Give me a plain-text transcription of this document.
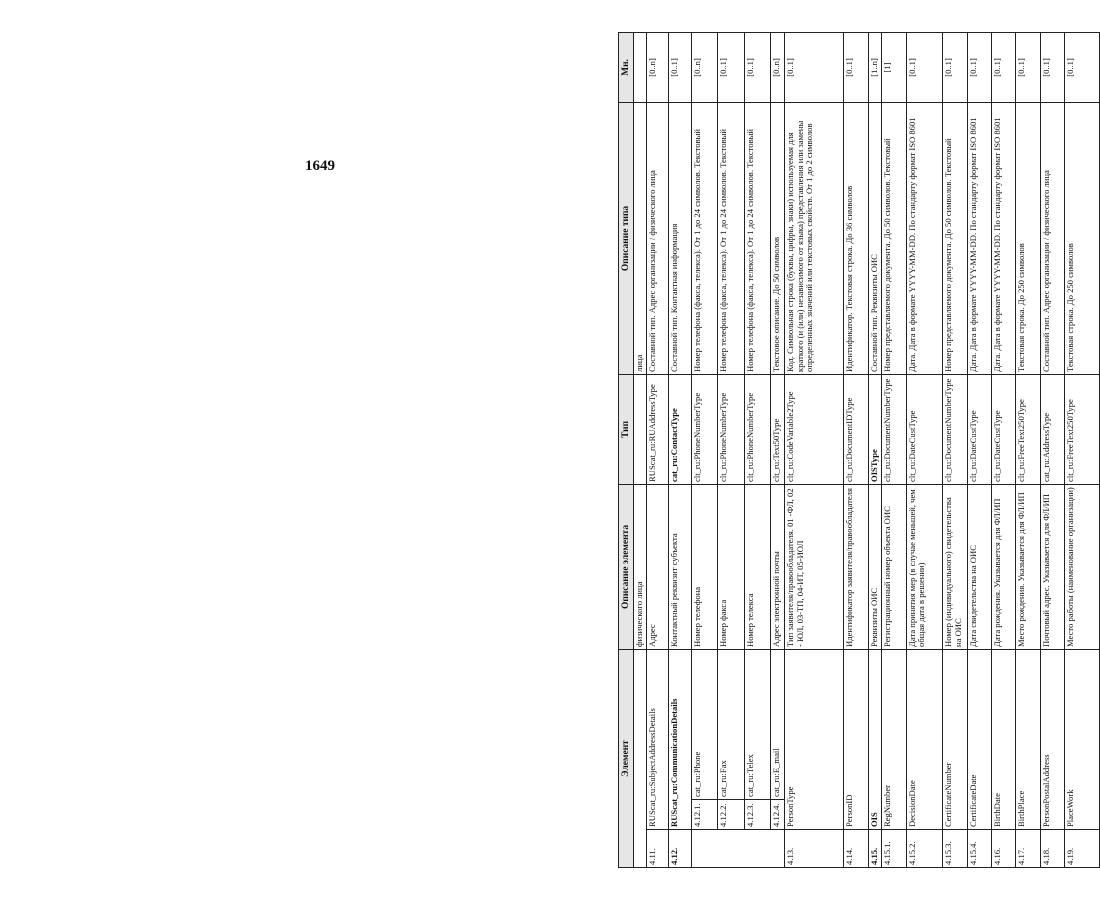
1649
Элемент			Описание элемента	Тип	Описание типа	Мн.
			физического лица		лица	
4.11.	RUScat_ru:SubjectAddressDetails		Адрес	RUScat_ru:RUAddressType	Составной тип. Адрес организации / физического лица	[0..n]
4.12.	RUScat_ru:CommunicationDetails		Контактный реквизит субъекта	cat_ru:ContactType	Составной тип. Контактная информация	[0..1]
	4.12.1.	cat_ru:Phone	Номер телефона	clt_ru:PhoneNumberType	Номер телефона (факса, телекса). От 1 до 24 символов. Текстовый	[0..n]
	4.12.2.	cat_ru:Fax	Номер факса	clt_ru:PhoneNumberType	Номер телефона (факса, телекса). От 1 до 24 символов. Текстовый	[0..1]
	4.12.3.	cat_ru:Telex	Номер телекса	clt_ru:PhoneNumberType	Номер телефона (факса, телекса). От 1 до 24 символов. Текстовый	[0..1]
	4.12.4.	cat_ru:E_mail	Адрес электронной почты	clt_ru:Text50Type	Текстовое описание. До 50 символов	[0..n]
4.13.	PersonType		Тип заявителя/правообладателя. 01 -ФЛ, 02 - ЮЛ, 03-ТП, 04-ИТ, 05-ИОЛ	clt_ru:CodeVariable2Type	Код. Символьная строка (буквы, цифры, знаки) используемая для краткого (и (или) независимого от языка) представления или замены определенных значений или текстовых свойств. От 1 до 2 символов	[0..1]
4.14.	PersonID		Идентификатор заявителя/правообладателя	clt_ru:DocumentIDType	Идентификатор. Текстовая строка. До 36 символов	[0..1]
4.15.	OIS		Реквизиты ОИС	OISType	Составной тип. Реквизиты ОИС	[1..n]
4.15.1.	RegNumber		Регистрационный номер объекта ОИС	clt_ru:DocumentNumberType	Номер представляемого документа. До 50 символов. Текстовый	[1]
4.15.2.	DecisionDate		Дата принятия мер (в случае меньшей, чем общая дата в решении)	clt_ru:DateCustType	Дата. Дата в формате YYYY-MM-DD. По стандарту формат ISO 8601	[0..1]
4.15.3.	CertificateNumber		Номер (индивидуального) свидетельства на ОИС	clt_ru:DocumentNumberType	Номер представляемого документа. До 50 символов. Текстовый	[0..1]
4.15.4.	CertificateDate		Дата свидетельства на ОИС	clt_ru:DateCustType	Дата. Дата в формате YYYY-MM-DD. По стандарту формат ISO 8601	[0..1]
4.16.	BirthDate		Дата рождения. Указывается для ФЛ/ИП	clt_ru:DateCustType	Дата. Дата в формате YYYY-MM-DD. По стандарту формат ISO 8601	[0..1]
4.17.	BirthPlace		Место рождения. Указывается для ФЛ/ИП	clt_ru:FreeText250Type	Текстовая строка. До 250 символов	[0..1]
4.18.	PersonPostalAddress		Почтовый адрес. Указывается для ФЛ/ИП	cat_ru:AddressType	Составной тип. Адрес организации / физического лица	[0..1]
4.19.	PlaceWork		Место работы (наименование организации)	clt_ru:FreeText250Type	Текстовая строка. До 250 символов	[0..1]
